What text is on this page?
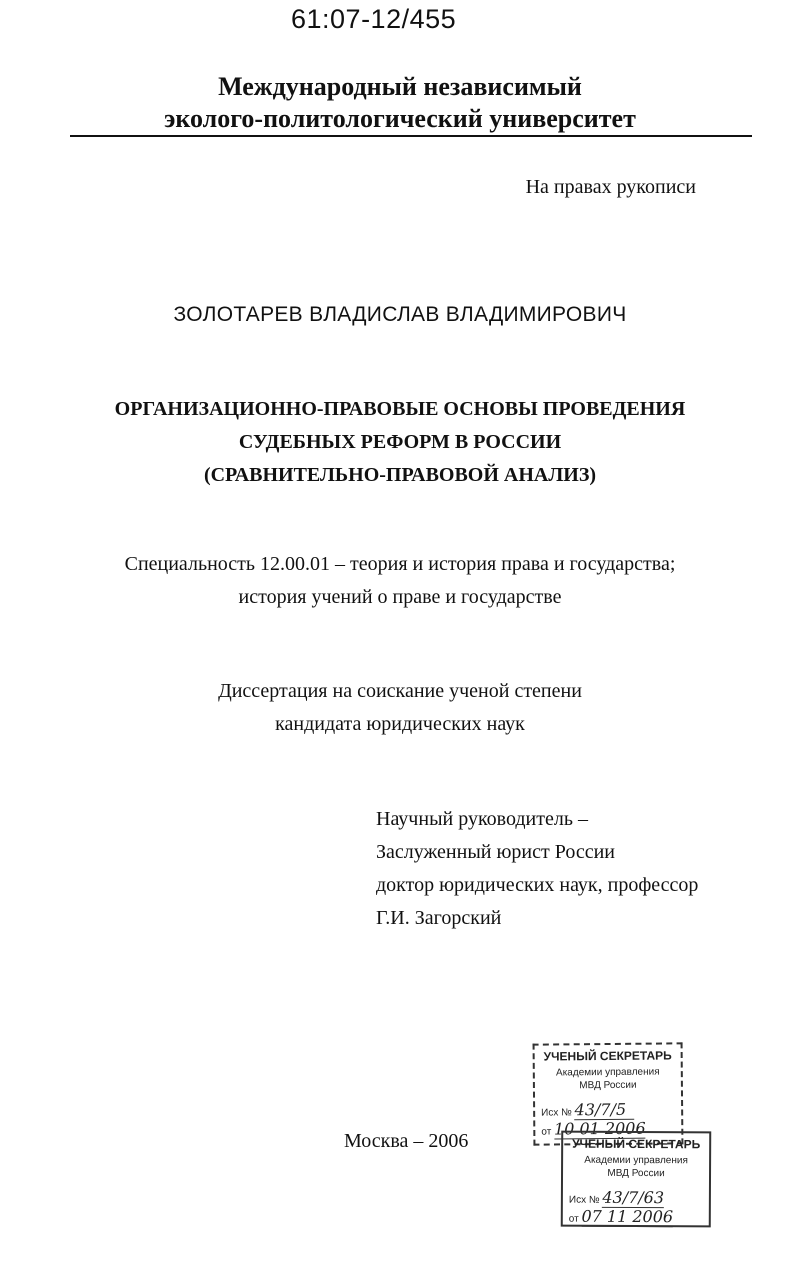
61:07-12/455
Международный независимый
эколого-политологический университет
На правах рукописи
ЗОЛОТАРЕВ ВЛАДИСЛАВ ВЛАДИМИРОВИЧ
ОРГАНИЗАЦИОННО-ПРАВОВЫЕ ОСНОВЫ ПРОВЕДЕНИЯ
СУДЕБНЫХ РЕФОРМ В РОССИИ
(СРАВНИТЕЛЬНО-ПРАВОВОЙ АНАЛИЗ)
Специальность 12.00.01 – теория и история права и государства;
история учений о праве и государстве
Диссертация на соискание ученой степени
кандидата юридических наук
Научный руководитель –
Заслуженный юрист России
доктор юридических наук, профессор
Г.И. Загорский
Москва – 2006
УЧЕНЫЙ СЕКРЕТАРЬ
Академии управления
МВД России
Исх № 43/7/5
от 10 01 2006
УЧЕНЫЙ СЕКРЕТАРЬ
Академии управления
МВД России
Исх № 43/7/63
от 07 11 2006
